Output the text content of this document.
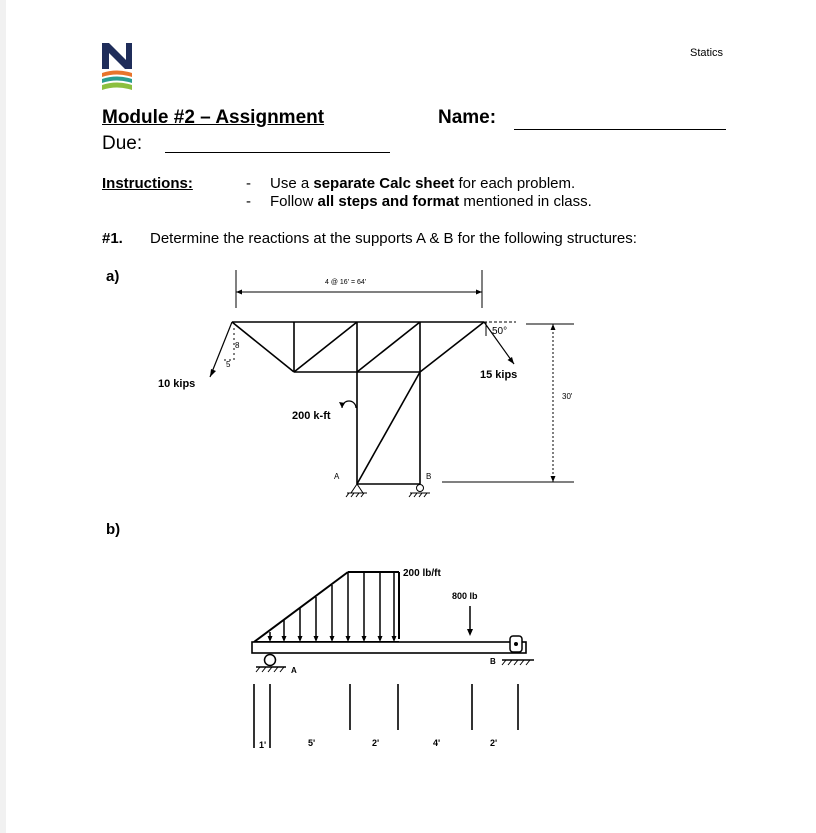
Statics
Module #2 – Assignment	Name:
Due:
Instructions:	- Use a separate Calc sheet for each problem.
- Follow all steps and format mentioned in class.
#1. Determine the reactions at the supports A & B for the following structures:
a)
b)
8
5
10 kips
50°
15 kips
30'
4 @ 16' = 64'
200 k-ft
A	B
200 lb/ft
800 lb
A
B
1'	5'	2'	4'	2'
